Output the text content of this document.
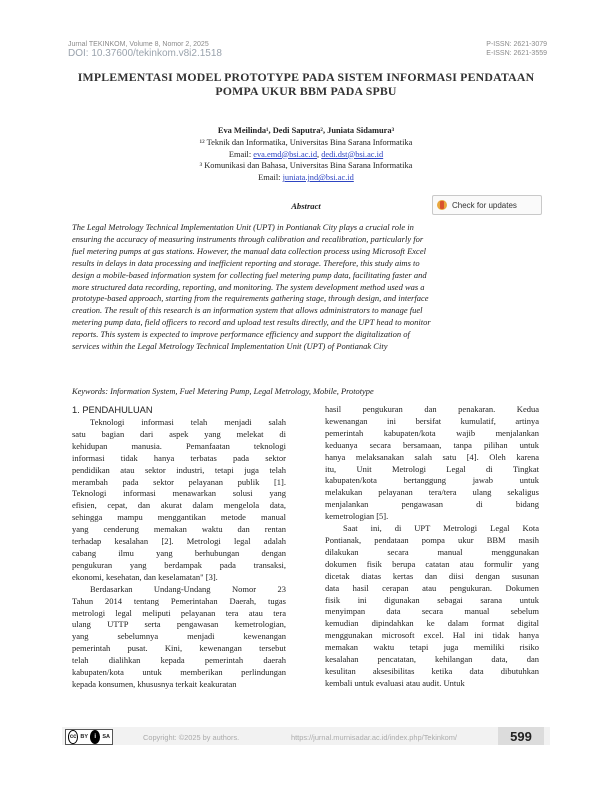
Jurnal TEKINKOM, Volume 8, Nomor 2, 2025
DOI: 10.37600/tekinkom.v8i2.1518
P-ISSN: 2621-3079
E-ISSN: 2621-3559
IMPLEMENTASI MODEL PROTOTYPE PADA SISTEM INFORMASI PENDATAAN
POMPA UKUR BBM PADA SPBU
Eva Meilinda¹, Dedi Saputra², Juniata Sidamura³
¹² Teknik dan Informatika, Universitas Bina Sarana Informatika
Email: eva.emd@bsi.ac.id, dedi.dst@bsi.ac.id
³ Komunikasi dan Bahasa, Universitas Bina Sarana Informatika
Email: juniata.jnd@bsi.ac.id
Abstract	Check for updates
The Legal Metrology Technical Implementation Unit (UPT) in Pontianak City plays a crucial role in
ensuring the accuracy of measuring instruments through calibration and recalibration, particularly for
fuel metering pumps at gas stations. However, the manual data collection process using Microsoft Excel
results in delays in data processing and inefficient reporting and storage. Therefore, this study aims to
design a mobile-based information system for collecting fuel metering pump data, facilitating faster and
more structured data recording, reporting, and monitoring. The system development method used was a
prototype-based approach, starting from the requirements gathering stage, through design, and interface
creation. The result of this research is an information system that allows administrators to manage fuel
metering pump data, field officers to record and upload test results directly, and the UPT head to monitor
reports. This system is expected to improve performance efficiency and support the digitalization of
services within the Legal Metrology Technical Implementation Unit (UPT) of Pontianak City
Keywords: Information System, Fuel Metering Pump, Legal Metrology, Mobile, Prototype
1. PENDAHULUAN
Teknologi informasi telah menjadi salah
satu bagian dari aspek yang melekat di
kehidupan manusia. Pemanfaatan teknologi
informasi tidak hanya terbatas pada sektor
pendidikan atau sektor industri, tetapi juga telah
merambah pada sektor pelayanan publik [1].
Teknologi informasi menawarkan solusi yang
efisien, cepat, dan akurat dalam mengelola data,
sehingga mampu menggantikan metode manual
yang cenderung memakan waktu dan rentan
terhadap kesalahan [2]. Metrologi legal adalah
cabang ilmu yang berhubungan dengan
pengukuran yang berdampak pada transaksi,
ekonomi, kesehatan, dan keselamatan" [3].
Berdasarkan Undang-Undang Nomor 23
Tahun 2014 tentang Pemerintahan Daerah, tugas
metrologi legal meliputi pelayanan tera atau tera
ulang UTTP serta pengawasan kemetrologian,
yang sebelumnya menjadi kewenangan
pemerintah pusat. Kini, kewenangan tersebut
telah dialihkan kepada pemerintah daerah
kabupaten/kota untuk memberikan perlindungan
kepada konsumen, khususnya terkait keakuratan
hasil pengukuran dan penakaran. Kedua
kewenangan ini bersifat kumulatif, artinya
pemerintah kabupaten/kota wajib menjalankan
keduanya secara bersamaan, tanpa pilihan untuk
hanya melaksanakan salah satu [4]. Oleh karena
itu, Unit Metrologi Legal di Tingkat
kabupaten/kota bertanggung jawab untuk
melakukan pelayanan tera/tera ulang sekaligus
menjalankan pengawasan di bidang
kemetrologian [5].
Saat ini, di UPT Metrologi Legal Kota
Pontianak, pendataan pompa ukur BBM masih
dilakukan secara manual menggunakan
dokumen fisik berupa catatan atau formulir yang
dicetak diatas kertas dan diisi dengan susunan
data hasil cerapan atau pengukuran. Dokumen
fisik ini digunakan sebagai sarana untuk
menyimpan data secara manual sebelum
kemudian dipindahkan ke dalam format digital
menggunakan microsoft excel. Hal ini tidak hanya
memakan waktu tetapi juga memiliki risiko
kesalahan pencatatan, kehilangan data, dan
kesulitan aksesibilitas ketika data dibutuhkan
kembali untuk evaluasi atau audit. Untuk
cc BY	i	SA	Copyright: ©2025 by authors.	https://jurnal.murnisadar.ac.id/index.php/Tekinkom/	599
